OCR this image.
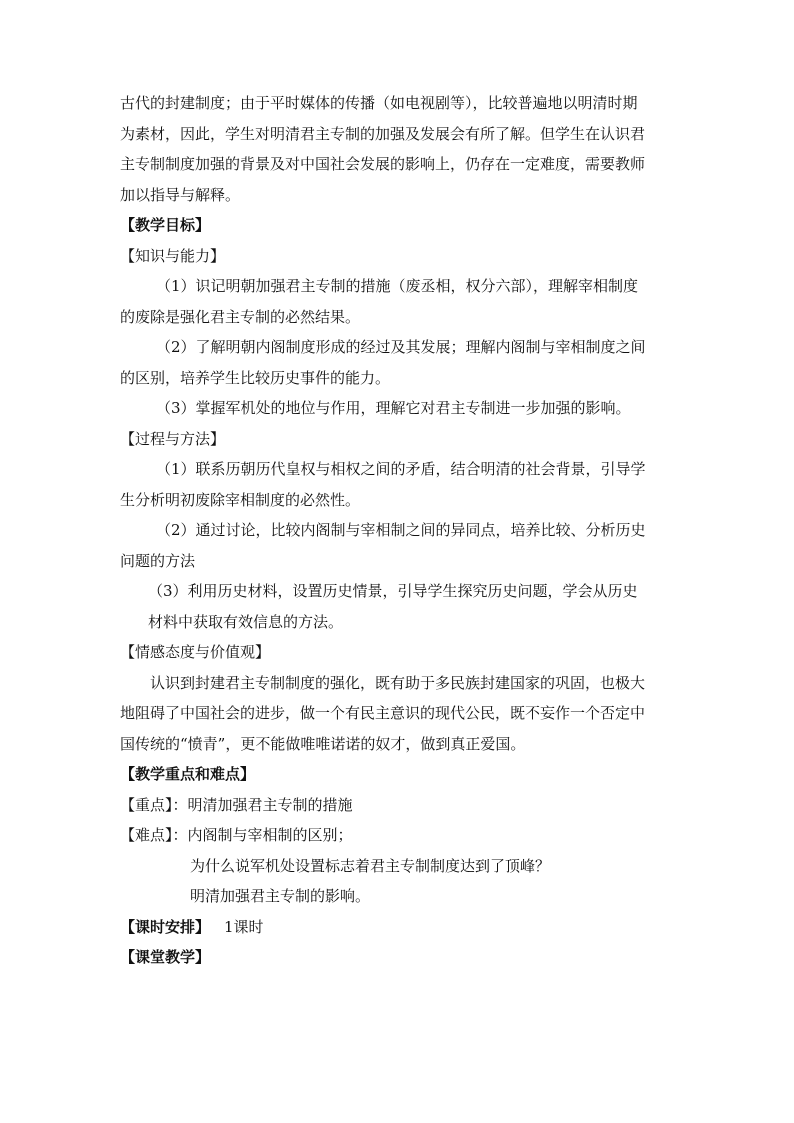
古代的封建制度；由于平时媒体的传播（如电视剧等），比较普遍地以明清时期

为素材，因此，学生对明清君主专制的加强及发展会有所了解。但学生在认识君

主专制制度加强的背景及对中国社会发展的影响上，仍存在一定难度，需要教师

加以指导与解释。

【教学目标】

【知识与能力】

（1）识记明朝加强君主专制的措施（废丞相，权分六部），理解宰相制度

的废除是强化君主专制的必然结果。

（2）了解明朝内阁制度形成的经过及其发展；理解内阁制与宰相制度之间

的区别，培养学生比较历史事件的能力。

（3）掌握军机处的地位与作用，理解它对君主专制进一步加强的影响。

【过程与方法】

（1）联系历朝历代皇权与相权之间的矛盾，结合明清的社会背景，引导学

生分析明初废除宰相制度的必然性。

（2）通过讨论，比较内阁制与宰相制之间的异同点，培养比较、分析历史

问题的方法

（3）利用历史材料，设置历史情景，引导学生探究历史问题，学会从历史

材料中获取有效信息的方法。

【情感态度与价值观】

认识到封建君主专制制度的强化，既有助于多民族封建国家的巩固，也极大

地阻碍了中国社会的进步，做一个有民主意识的现代公民，既不妄作一个否定中

国传统的“愤青”，更不能做唯唯诺诺的奴才，做到真正爱国。

【教学重点和难点】

【重点】：明清加强君主专制的措施

【难点】：内阁制与宰相制的区别；

为什么说军机处设置标志着君主专制制度达到了顶峰？

明清加强君主专制的影响。

【课时安排】 1课时

【课堂教学】
